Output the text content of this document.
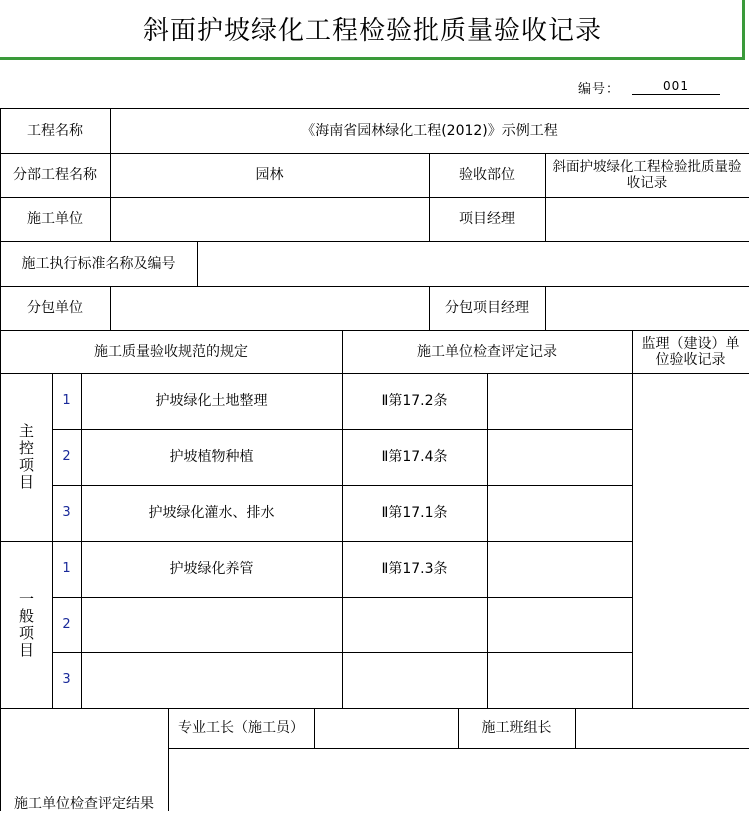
斜面护坡绿化工程检验批质量验收记录
编号：	001
工程名称	《海南省园林绿化工程(2012)》示例工程
分部工程名称	园林	验收部位	斜面护坡绿化工程检验批质量验收记录
施工单位	项目经理
施工执行标准名称及编号
分包单位	分包项目经理
施工质量验收规范的规定	施工单位检查评定记录	监理（建设）单位验收记录
主控项目
1	护坡绿化土地整理	Ⅱ第17.2条
2	护坡植物种植	Ⅱ第17.4条
3	护坡绿化灌水、排水	Ⅱ第17.1条
一般项目
1	护坡绿化养管	Ⅱ第17.3条
2
3
专业工长（施工员）	施工班组长
施工单位检查评定结果
